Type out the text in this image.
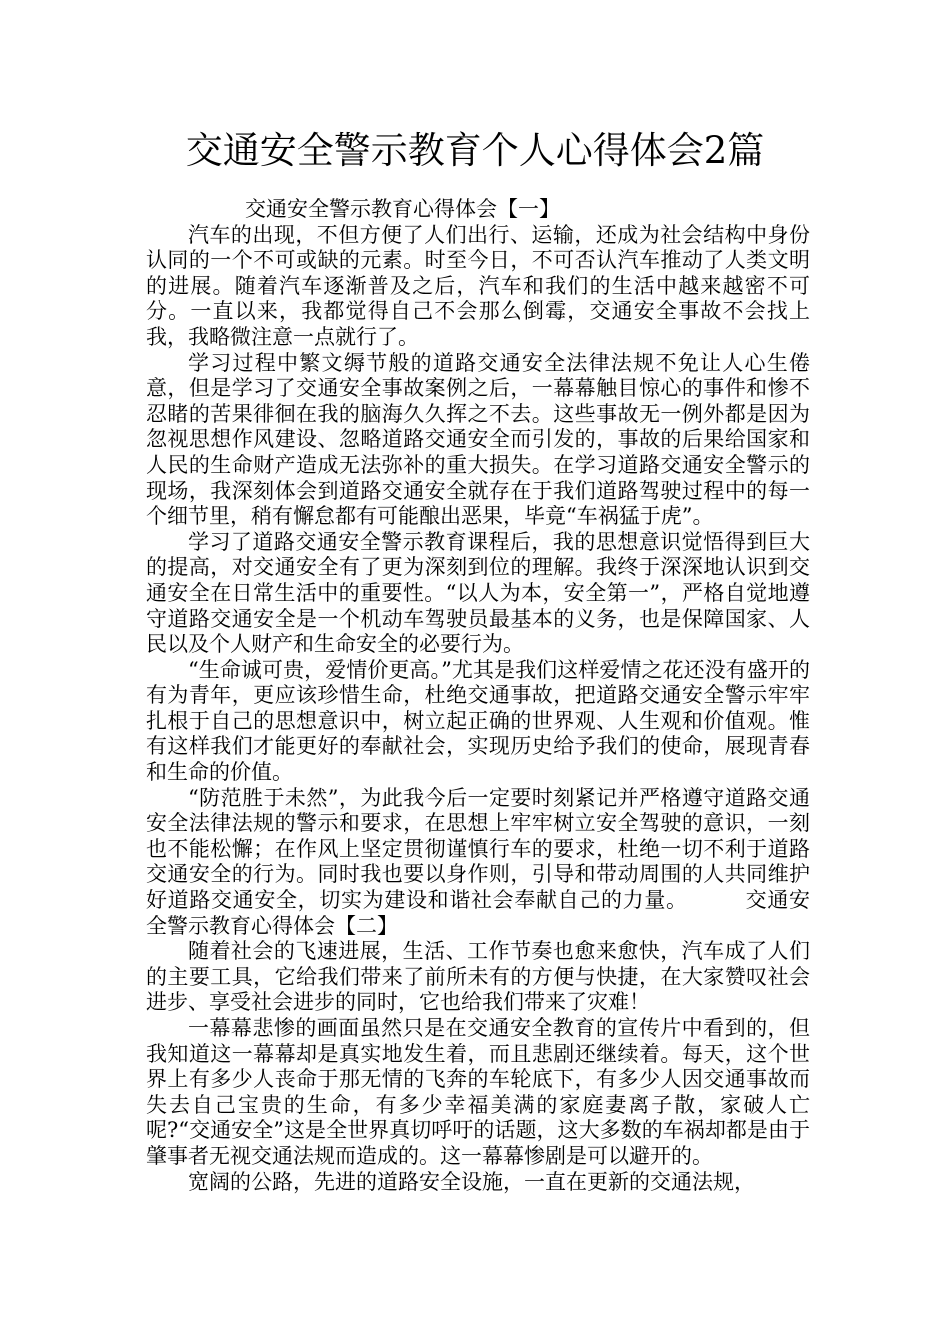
交通安全警示教育个人心得体会2篇

交通安全警示教育心得体会【一】

汽车的出现，不但方便了人们出行、运输，还成为社会结构中身份认同的一个不可或缺的元素。时至今日，不可否认汽车推动了人类文明的进展。随着汽车逐渐普及之后，汽车和我们的生活中越来越密不可分。一直以来，我都觉得自己不会那么倒霉，交通安全事故不会找上我，我略微注意一点就行了。

学习过程中繁文缛节般的道路交通安全法律法规不免让人心生倦意，但是学习了交通安全事故案例之后，一幕幕触目惊心的事件和惨不忍睹的苦果徘徊在我的脑海久久挥之不去。这些事故无一例外都是因为忽视思想作风建设、忽略道路交通安全而引发的，事故的后果给国家和人民的生命财产造成无法弥补的重大损失。在学习道路交通安全警示的现场，我深刻体会到道路交通安全就存在于我们道路驾驶过程中的每一个细节里，稍有懈怠都有可能酿出恶果，毕竟“车祸猛于虎”。

学习了道路交通安全警示教育课程后，我的思想意识觉悟得到巨大的提高，对交通安全有了更为深刻到位的理解。我终于深深地认识到交通安全在日常生活中的重要性。“以人为本，安全第一”，严格自觉地遵守道路交通安全是一个机动车驾驶员最基本的义务，也是保障国家、人民以及个人财产和生命安全的必要行为。

“生命诚可贵，爱情价更高。”尤其是我们这样爱情之花还没有盛开的有为青年，更应该珍惜生命，杜绝交通事故，把道路交通安全警示牢牢扎根于自己的思想意识中，树立起正确的世界观、人生观和价值观。惟有这样我们才能更好的奉献社会，实现历史给予我们的使命，展现青春和生命的价值。

“防范胜于未然”，为此我今后一定要时刻紧记并严格遵守道路交通安全法律法规的警示和要求，在思想上牢牢树立安全驾驶的意识，一刻也不能松懈；在作风上坚定贯彻谨慎行车的要求，杜绝一切不利于道路交通安全的行为。同时我也要以身作则，引导和带动周围的人共同维护好道路交通安全，切实为建设和谐社会奉献自己的力量。	交通安全警示教育心得体会【二】

随着社会的飞速进展，生活、工作节奏也愈来愈快，汽车成了人们的主要工具，它给我们带来了前所未有的方便与快捷，在大家赞叹社会进步、享受社会进步的同时，它也给我们带来了灾难！

一幕幕悲惨的画面虽然只是在交通安全教育的宣传片中看到的，但我知道这一幕幕却是真实地发生着，而且悲剧还继续着。每天，这个世界上有多少人丧命于那无情的飞奔的车轮底下，有多少人因交通事故而失去自己宝贵的生命，有多少幸福美满的家庭妻离子散，家破人亡呢?“交通安全”这是全世界真切呼吁的话题，这大多数的车祸却都是由于肇事者无视交通法规而造成的。这一幕幕惨剧是可以避开的。

宽阔的公路，先进的道路安全设施，一直在更新的交通法规，
